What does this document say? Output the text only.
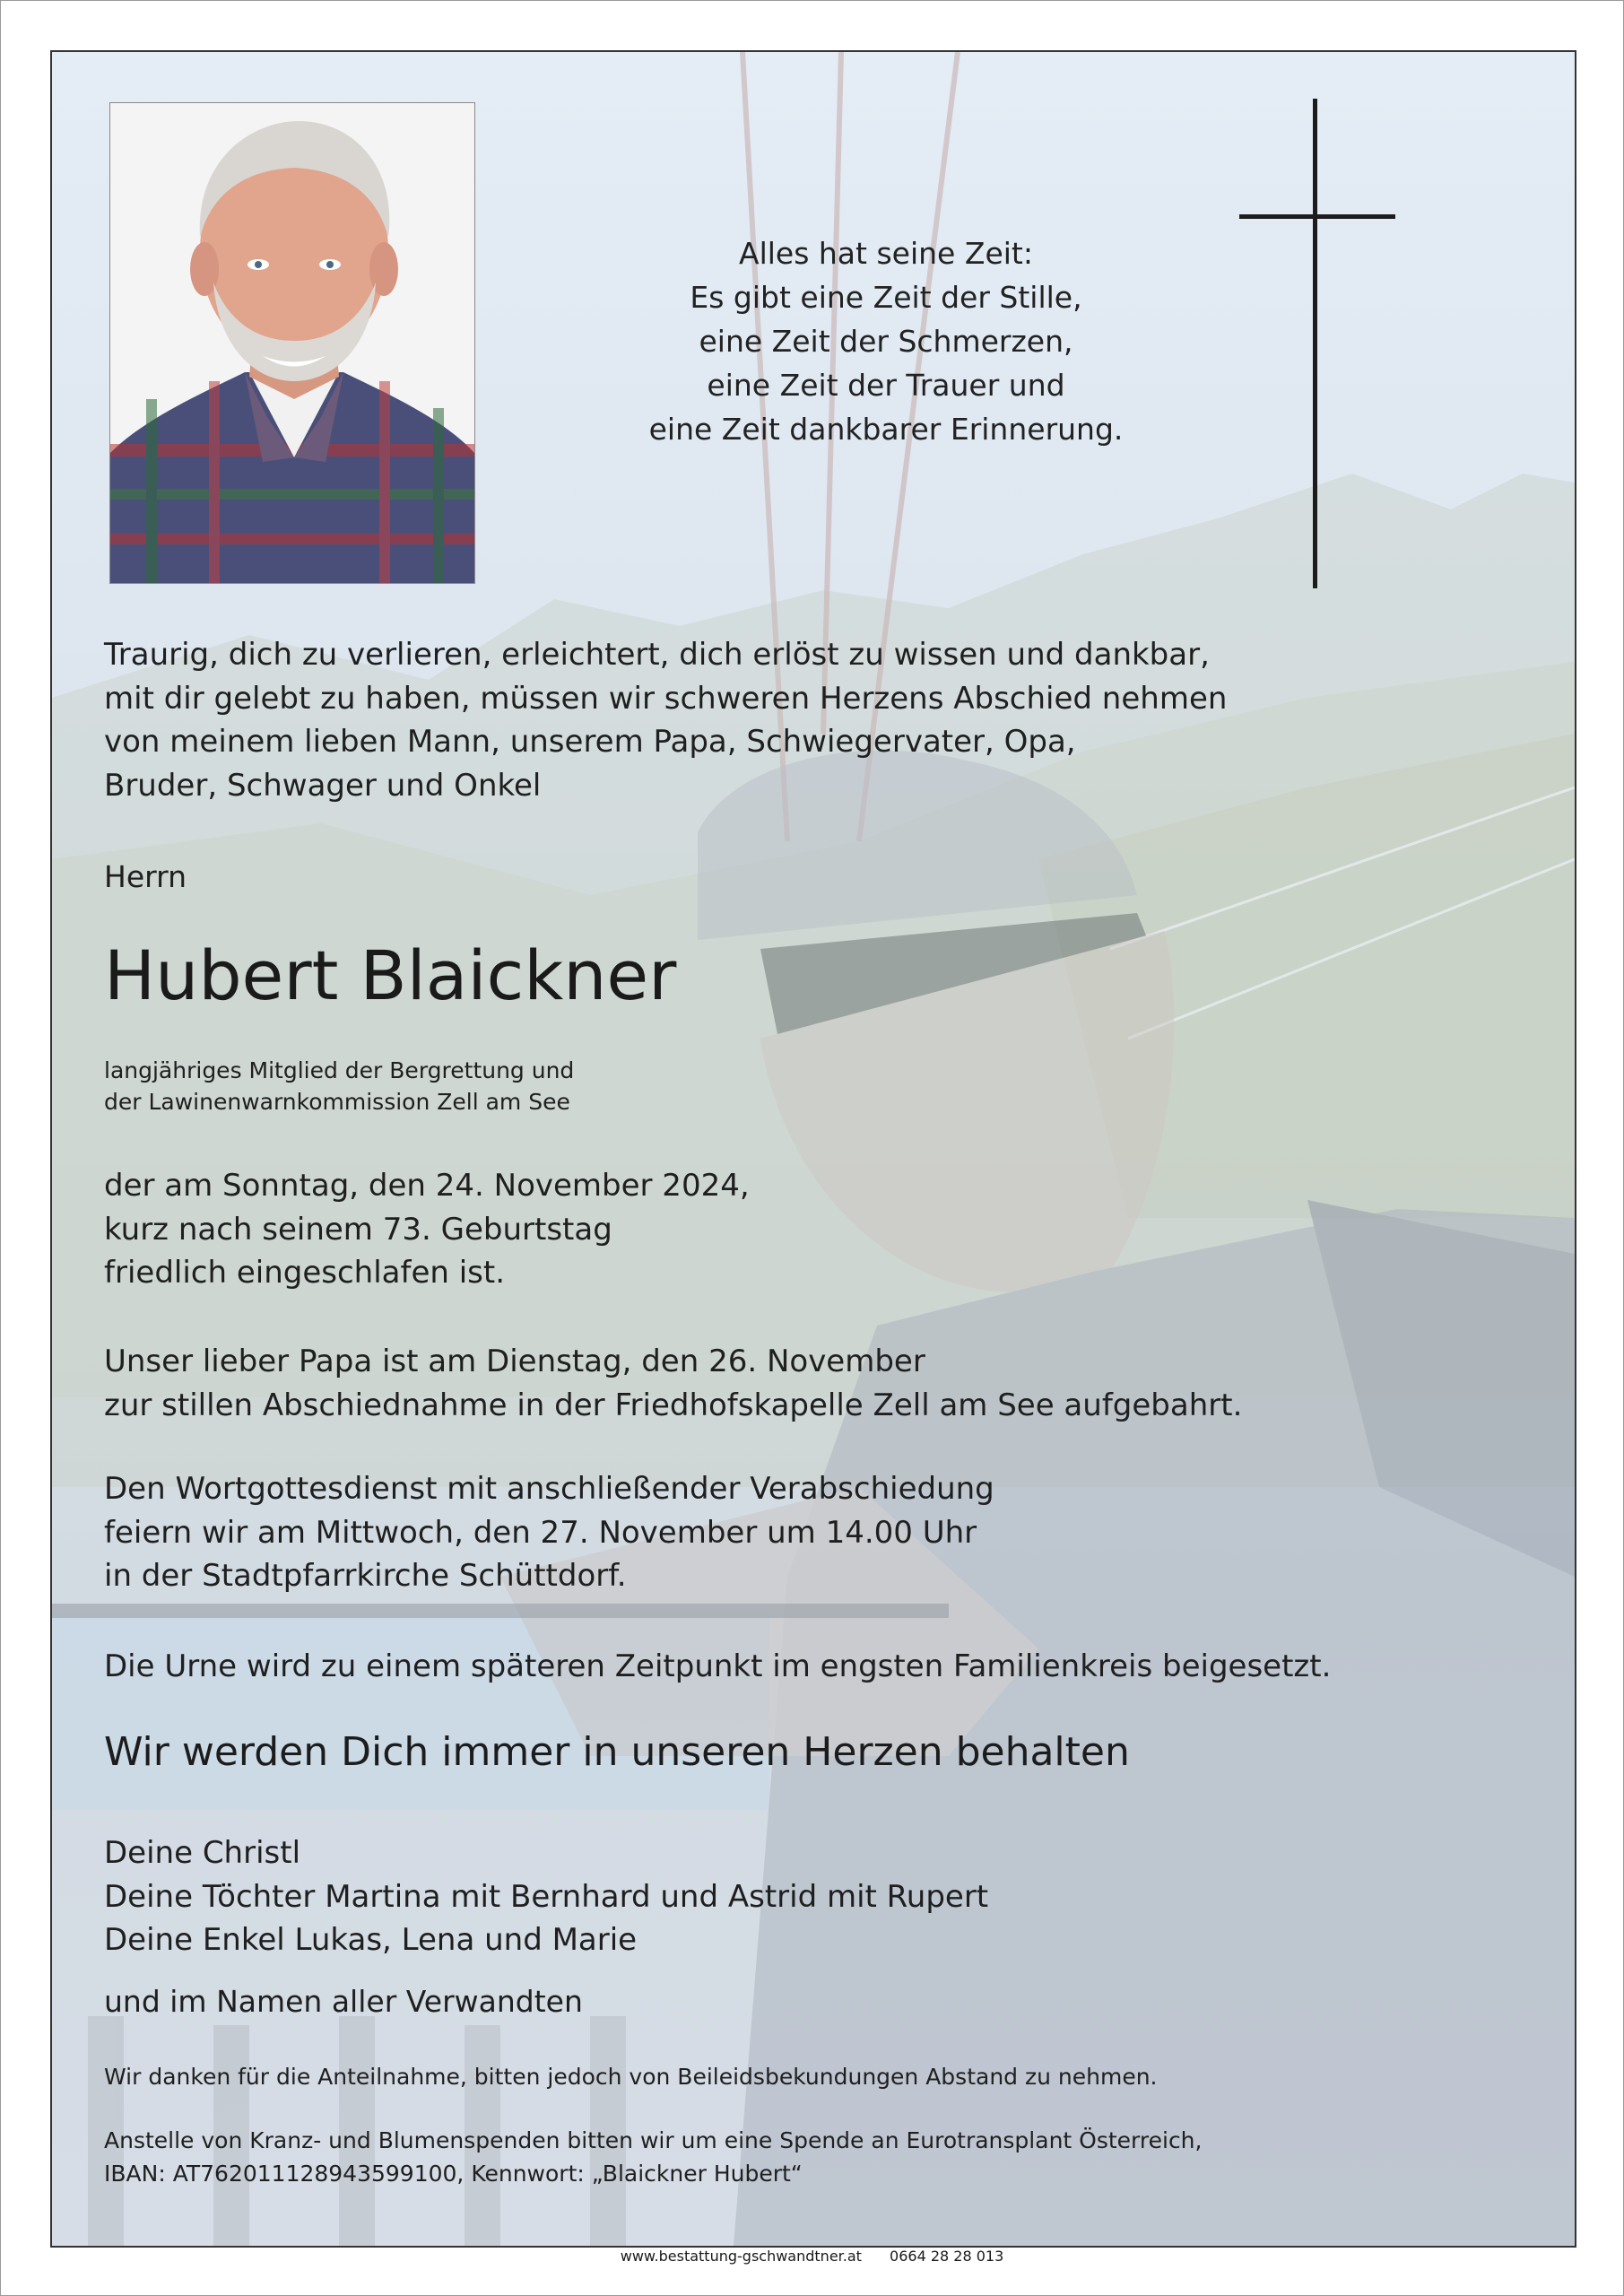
Alles hat seine Zeit:
Es gibt eine Zeit der Stille,
eine Zeit der Schmerzen,
eine Zeit der Trauer und
eine Zeit dankbarer Erinnerung.
Traurig, dich zu verlieren, erleichtert, dich erlöst zu wissen und dankbar,
mit dir gelebt zu haben, müssen wir schweren Herzens Abschied nehmen
von meinem lieben Mann, unserem Papa, Schwiegervater, Opa,
Bruder, Schwager und Onkel
Herrn
Hubert Blaickner
langjähriges Mitglied der Bergrettung und
der Lawinenwarnkommission Zell am See
der am Sonntag, den 24. November 2024,
kurz nach seinem 73. Geburtstag
friedlich eingeschlafen ist.
Unser lieber Papa ist am Dienstag, den 26. November
zur stillen Abschiednahme in der Friedhofskapelle Zell am See aufgebahrt.
Den Wortgottesdienst mit anschließender Verabschiedung
feiern wir am Mittwoch, den 27. November um 14.00 Uhr
in der Stadtpfarrkirche Schüttdorf.
Die Urne wird zu einem späteren Zeitpunkt im engsten Familienkreis beigesetzt.
Wir werden Dich immer in unseren Herzen behalten
Deine Christl
Deine Töchter Martina mit Bernhard und Astrid mit Rupert
Deine Enkel Lukas, Lena und Marie
und im Namen aller Verwandten
Wir danken für die Anteilnahme, bitten jedoch von Beileidsbekundungen Abstand zu nehmen.
Anstelle von Kranz- und Blumenspenden bitten wir um eine Spende an Eurotransplant Österreich,
IBAN: AT762011128943599100, Kennwort: „Blaickner Hubert“
www.bestattung-gschwandtner.at 0664 28 28 013
